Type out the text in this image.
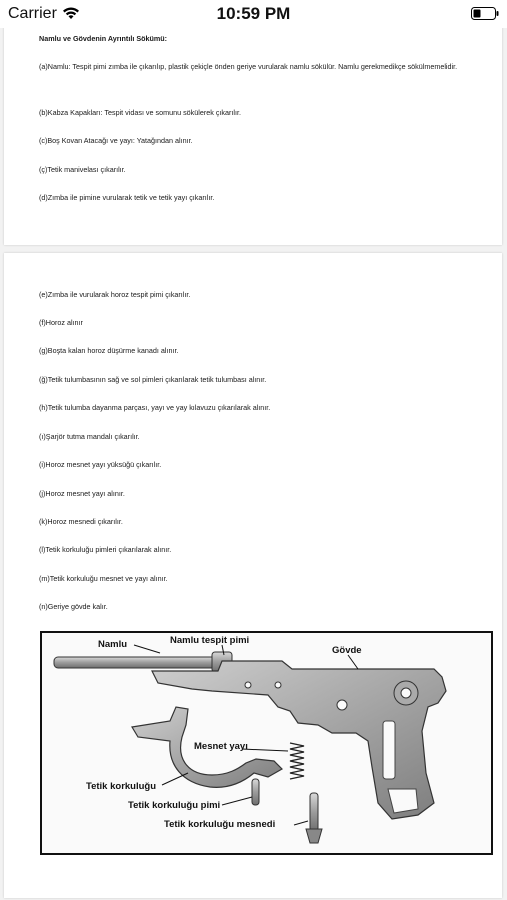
Carrier	10:59 PM
Namlu ve Gövdenin Ayrıntılı Sökümü:
(a)Namlu: Tespit pimi zımba ile çıkarılıp, plastik çekiçle önden geriye vurularak namlu sökülür. Namlu gerekmedikçe sökülmemelidir.
(b)Kabza Kapakları: Tespit vidası ve somunu sökülerek çıkarılır.
(c)Boş Kovan Atacağı ve yayı: Yatağından alınır.
(ç)Tetik manivelası çıkarılır.
(d)Zımba ile pimine vurularak tetik ve tetik yayı çıkarılır.
(e)Zımba ile vurularak horoz tespit pimi çıkarılır.
(f)Horoz alınır
(g)Boşta kalan horoz düşürme kanadı alınır.
(ğ)Tetik tulumbasının sağ ve sol pimleri çıkarılarak tetik tulumbası alınır.
(h)Tetik tulumba dayanma parçası, yayı ve yay kılavuzu çıkarılarak alınır.
(ı)Şarjör tutma mandalı çıkarılır.
(i)Horoz mesnet yayı yüksüğü çıkarılır.
(j)Horoz mesnet yayı alınır.
(k)Horoz mesnedi çıkarılır.
(l)Tetik korkuluğu pimleri çıkarılarak alınır.
(m)Tetik korkuluğu mesnet ve yayı alınır.
(n)Geriye gövde kalır.
Namlu	Namlu tespit pimi
Gövde
Mesnet yayı
Tetik korkuluğu
Tetik korkuluğu pimi
Tetik korkuluğu mesnedi
